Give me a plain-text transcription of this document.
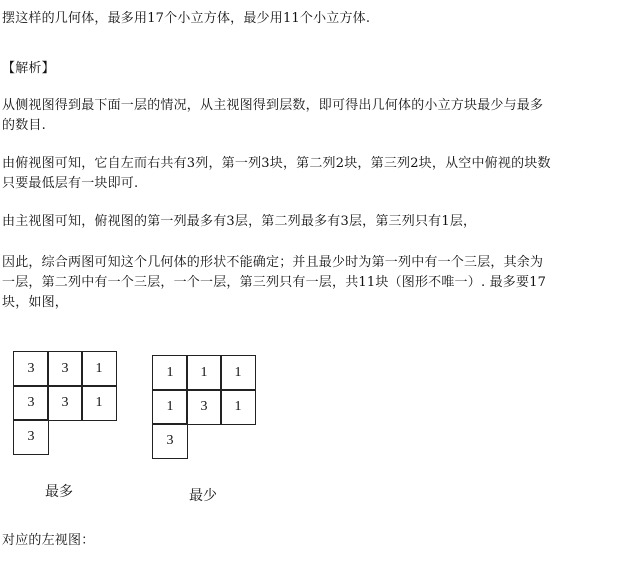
摆这样的几何体，最多用17个小立方体，最少用11个小立方体.
【解析】
从侧视图得到最下面一层的情况，从主视图得到层数，即可得出几何体的小立方块最少与最多
的数目.
由俯视图可知，它自左而右共有3列，第一列3块，第二列2块，第三列2块，从空中俯视的块数
只要最低层有一块即可.
由主视图可知，俯视图的第一列最多有3层，第二列最多有3层，第三列只有1层，
因此，综合两图可知这个几何体的形状不能确定；并且最少时为第一列中有一个三层，其余为
一层，第二列中有一个三层，一个一层，第三列只有一层，共11块（图形不唯一）. 最多要17
块，如图，
3 3 1
3 3 1
3
最多
1 1 1
1 3 1
3
最少
对应的左视图：
